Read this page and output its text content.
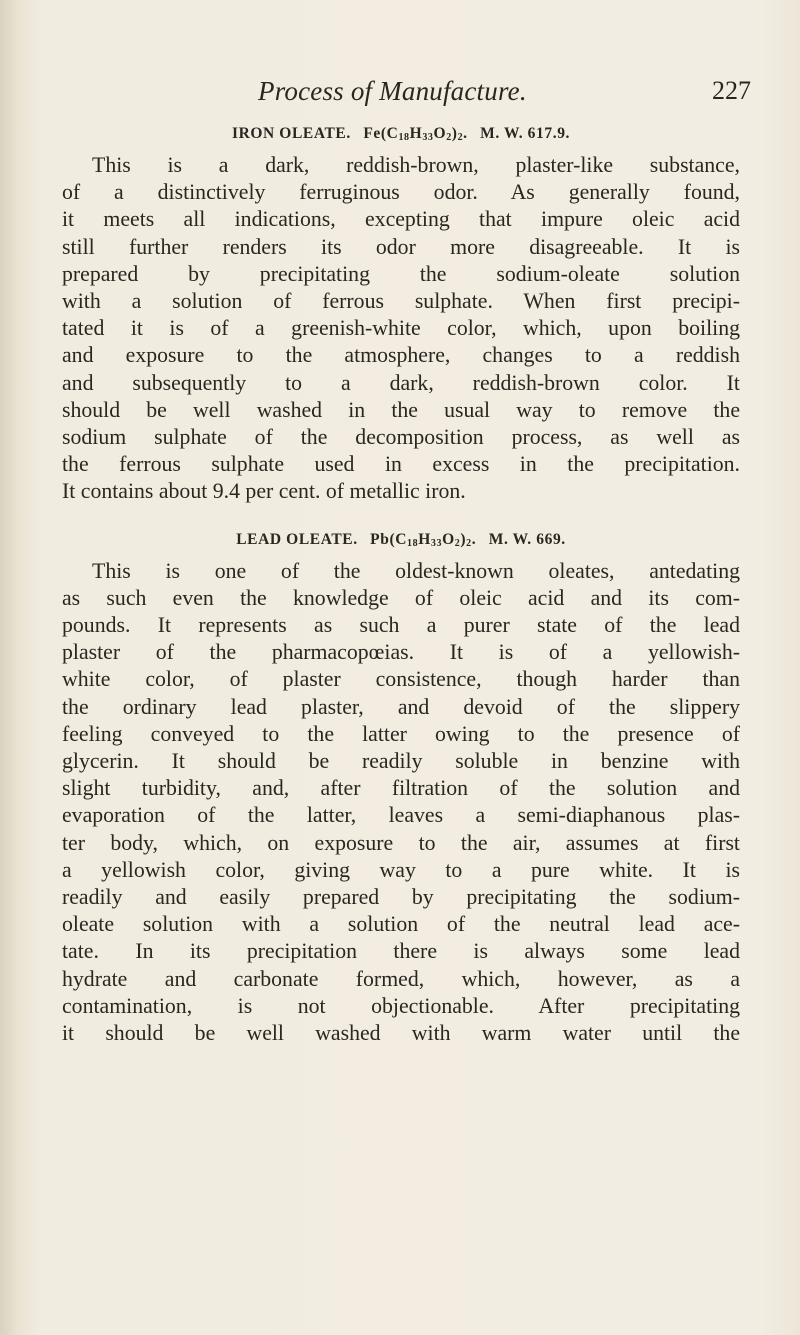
Process of Manufacture.	227
IRON OLEATE. $Fe(C_{18}H_{33}O_2)_2$. M. W. 617.9.
This is a dark, reddish-brown, plaster-like substance,
of a distinctively ferruginous odor. As generally found,
it meets all indications, excepting that impure oleic acid
still further renders its odor more disagreeable. It is
prepared by precipitating the sodium-oleate solution
with a solution of ferrous sulphate. When first precipi-
tated it is of a greenish-white color, which, upon boiling
and exposure to the atmosphere, changes to a reddish
and subsequently to a dark, reddish-brown color. It
should be well washed in the usual way to remove the
sodium sulphate of the decomposition process, as well as
the ferrous sulphate used in excess in the precipitation.
It contains about 9.4 per cent. of metallic iron.
LEAD OLEATE. $Pb(C_{18}H_{33}O_2)_2$. M. W. 669.
This is one of the oldest-known oleates, antedating
as such even the knowledge of oleic acid and its com-
pounds. It represents as such a purer state of the lead
plaster of the pharmacopœias. It is of a yellowish-
white color, of plaster consistence, though harder than
the ordinary lead plaster, and devoid of the slippery
feeling conveyed to the latter owing to the presence of
glycerin. It should be readily soluble in benzine with
slight turbidity, and, after filtration of the solution and
evaporation of the latter, leaves a semi-diaphanous plas-
ter body, which, on exposure to the air, assumes at first
a yellowish color, giving way to a pure white. It is
readily and easily prepared by precipitating the sodium-
oleate solution with a solution of the neutral lead ace-
tate. In its precipitation there is always some lead
hydrate and carbonate formed, which, however, as a
contamination, is not objectionable. After precipitating
it should be well washed with warm water until the
